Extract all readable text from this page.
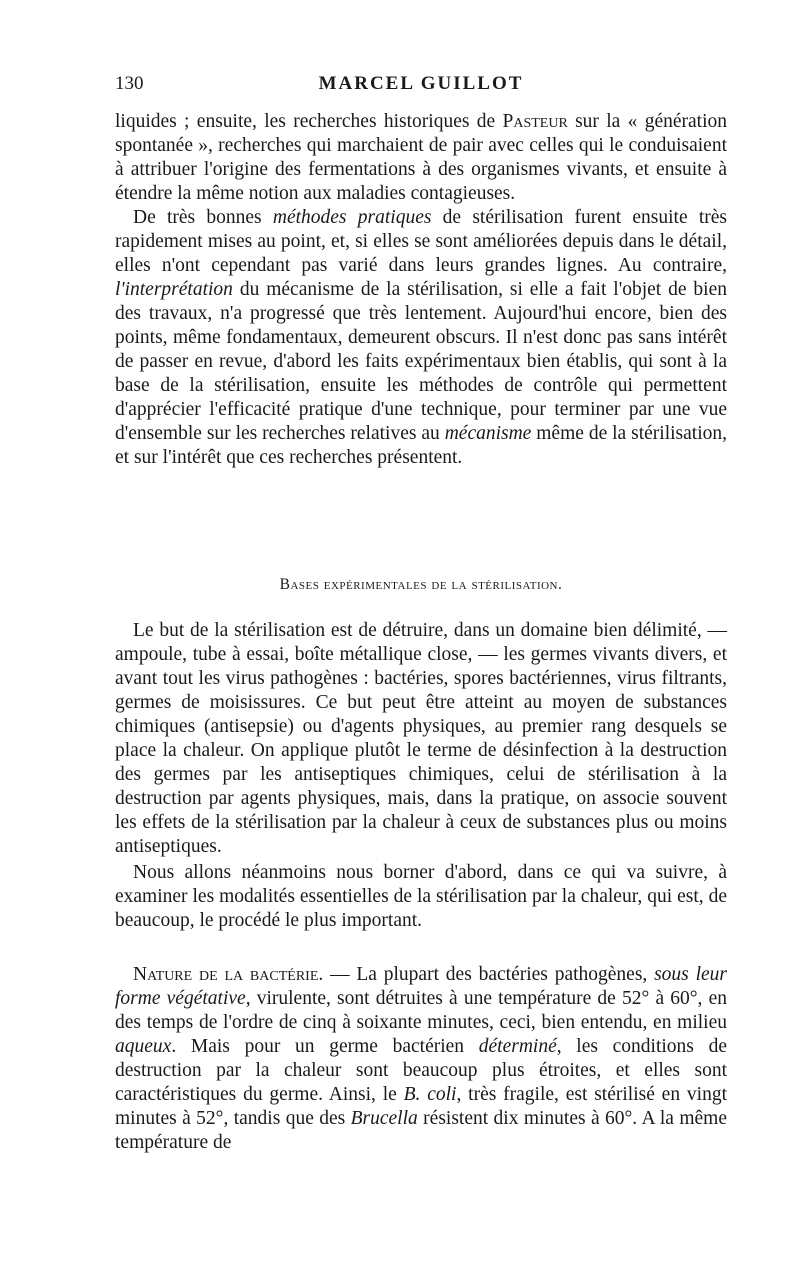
130	MARCEL GUILLOT

liquides ; ensuite, les recherches historiques de Pasteur sur la « génération spontanée », recherches qui marchaient de pair avec celles qui le conduisaient à attribuer l'origine des fermentations à des organismes vivants, et ensuite à étendre la même notion aux maladies contagieuses.

De très bonnes méthodes pratiques de stérilisation furent ensuite très rapidement mises au point, et, si elles se sont améliorées depuis dans le détail, elles n'ont cependant pas varié dans leurs grandes lignes. Au contraire, l'interprétation du mécanisme de la stérilisation, si elle a fait l'objet de bien des travaux, n'a progressé que très lentement. Aujourd'hui encore, bien des points, même fondamentaux, demeurent obscurs. Il n'est donc pas sans intérêt de passer en revue, d'abord les faits expérimentaux bien établis, qui sont à la base de la stérilisation, ensuite les méthodes de contrôle qui permettent d'apprécier l'efficacité pratique d'une technique, pour terminer par une vue d'ensemble sur les recherches relatives au mécanisme même de la stérilisation, et sur l'intérêt que ces recherches présentent.

Bases expérimentales de la stérilisation.

Le but de la stérilisation est de détruire, dans un domaine bien délimité, — ampoule, tube à essai, boîte métallique close, — les germes vivants divers, et avant tout les virus pathogènes : bactéries, spores bactériennes, virus filtrants, germes de moisissures. Ce but peut être atteint au moyen de substances chimiques (antisepsie) ou d'agents physiques, au premier rang desquels se place la chaleur. On applique plutôt le terme de désinfection à la destruction des germes par les antiseptiques chimiques, celui de stérilisation à la destruction par agents physiques, mais, dans la pratique, on associe souvent les effets de la stérilisation par la chaleur à ceux de substances plus ou moins antiseptiques.

Nous allons néanmoins nous borner d'abord, dans ce qui va suivre, à examiner les modalités essentielles de la stérilisation par la chaleur, qui est, de beaucoup, le procédé le plus important.

Nature de la bactérie. — La plupart des bactéries pathogènes, sous leur forme végétative, virulente, sont détruites à une température de 52° à 60°, en des temps de l'ordre de cinq à soixante minutes, ceci, bien entendu, en milieu aqueux. Mais pour un germe bactérien déterminé, les conditions de destruction par la chaleur sont beaucoup plus étroites, et elles sont caractéristiques du germe. Ainsi, le B. coli, très fragile, est stérilisé en vingt minutes à 52°, tandis que des Brucella résistent dix minutes à 60°. A la même température de
